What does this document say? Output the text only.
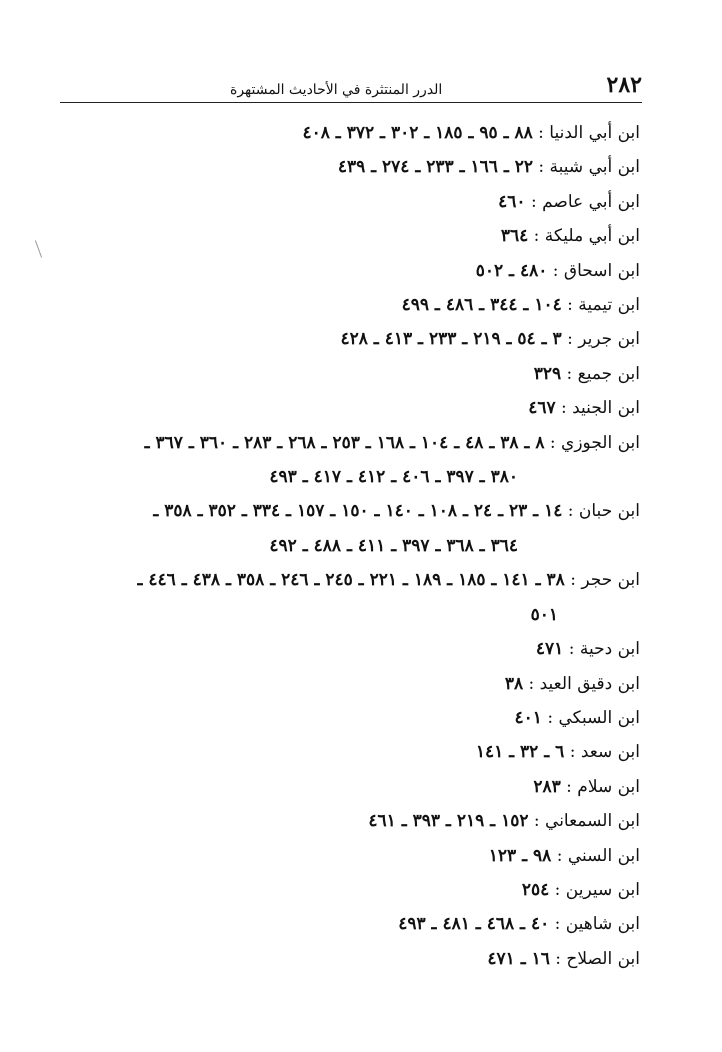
٢٨٢
الدرر المنتثرة في الأحاديث المشتهرة
ابن أبي الدنيا : ٨٨ ـ ٩٥ ـ ١٨٥ ـ ٣٠٢ ـ ٣٧٢ ـ ٤٠٨
ابن أبي شيبة : ٢٢ ـ ١٦٦ ـ ٢٣٣ ـ ٢٧٤ ـ ٤٣٩
ابن أبي عاصم : ٤٦٠
ابن أبي مليكة : ٣٦٤
ابن اسحاق : ٤٨٠ ـ ٥٠٢
ابن تيمية : ١٠٤ ـ ٣٤٤ ـ ٤٨٦ ـ ٤٩٩
ابن جرير : ٣ ـ ٥٤ ـ ٢١٩ ـ ٢٣٣ ـ ٤١٣ ـ ٤٢٨
ابن جميع : ٣٢٩
ابن الجنيد : ٤٦٧
ابن الجوزي : ٨ ـ ٣٨ ـ ٤٨ ـ ١٠٤ ـ ١٦٨ ـ ٢٥٣ ـ ٢٦٨ ـ ٢٨٣ ـ ٣٦٠ ـ ٣٦٧ ـ
٣٨٠ ـ ٣٩٧ ـ ٤٠٦ ـ ٤١٢ ـ ٤١٧ ـ ٤٩٣
ابن حبان : ١٤ ـ ٢٣ ـ ٢٤ ـ ١٠٨ ـ ١٤٠ ـ ١٥٠ ـ ١٥٧ ـ ٣٣٤ ـ ٣٥٢ ـ ٣٥٨ ـ
٣٦٤ ـ ٣٦٨ ـ ٣٩٧ ـ ٤١١ ـ ٤٨٨ ـ ٤٩٢
ابن حجر : ٣٨ ـ ١٤١ ـ ١٨٥ ـ ١٨٩ ـ ٢٢١ ـ ٢٤٥ ـ ٢٤٦ ـ ٣٥٨ ـ ٤٣٨ ـ ٤٤٦ ـ
٥٠١
ابن دحية : ٤٧١
ابن دقيق العيد : ٣٨
ابن السبكي : ٤٠١
ابن سعد : ٦ ـ ٣٢ ـ ١٤١
ابن سلام : ٢٨٣
ابن السمعاني : ١٥٢ ـ ٢١٩ ـ ٣٩٣ ـ ٤٦١
ابن السني : ٩٨ ـ ١٢٣
ابن سيرين : ٢٥٤
ابن شاهين : ٤٠ ـ ٤٦٨ ـ ٤٨١ ـ ٤٩٣
ابن الصلاح : ١٦ ـ ٤٧١
